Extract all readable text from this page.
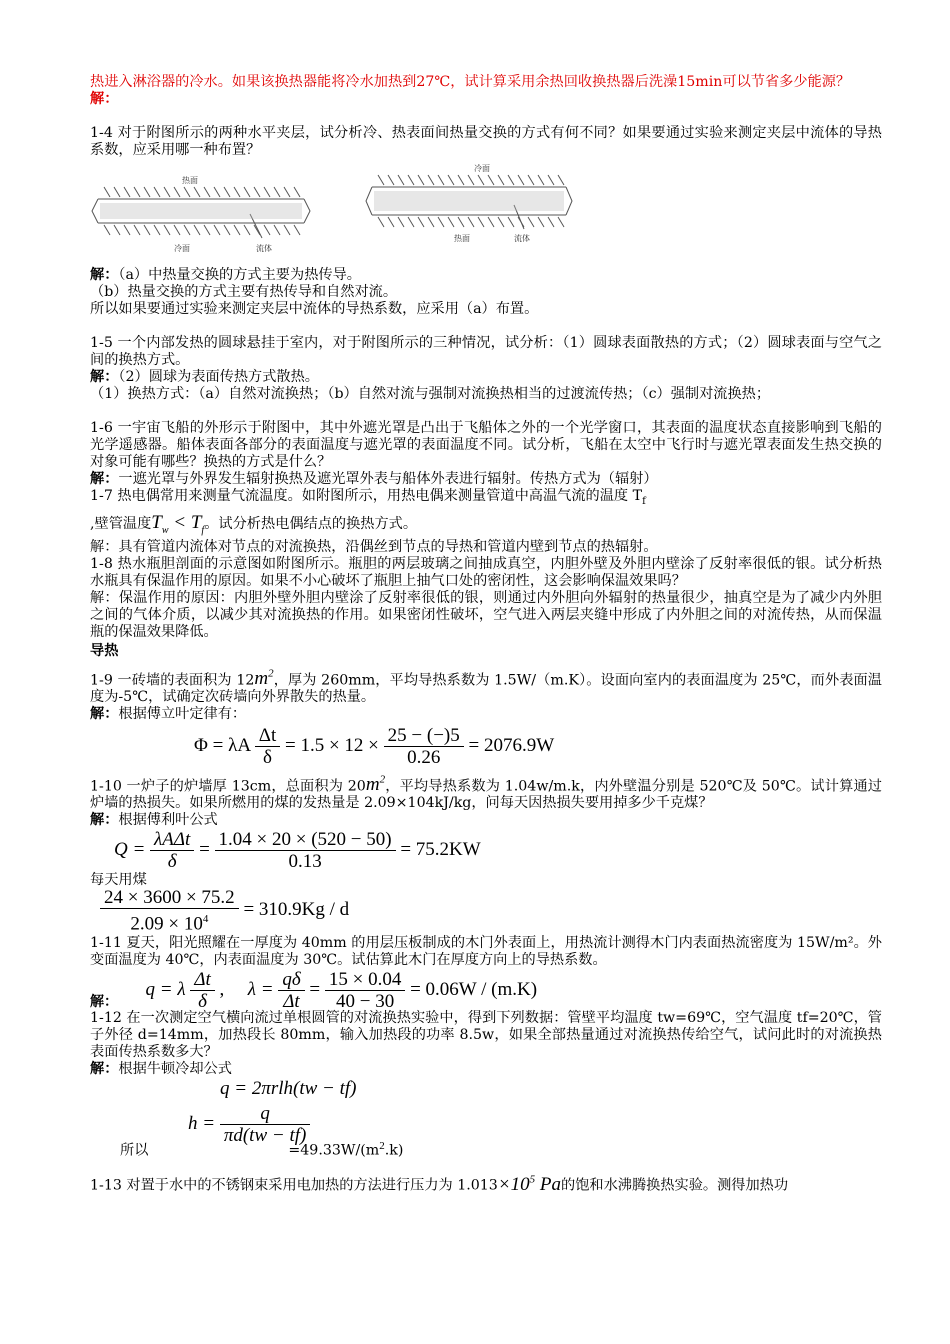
热进入淋浴器的冷水。如果该换热器能将冷水加热到27℃，试计算采用余热回收换热器后洗澡15min可以节省多少能源？

解：

1-4 对于附图所示的两种水平夹层，试分析冷、热表面间热量交换的方式有何不同？如果要通过实验来测定夹层中流体的导热系数，应采用哪一种布置？

热面
冷面	流体
冷面
热面	流体

解：（a）中热量交换的方式主要为热传导。

（b）热量交换的方式主要有热传导和自然对流。

所以如果要通过实验来测定夹层中流体的导热系数，应采用（a）布置。

1-5 一个内部发热的圆球悬挂于室内，对于附图所示的三种情况，试分析：（1）圆球表面散热的方式；（2）圆球表面与空气之间的换热方式。

解：（2）圆球为表面传热方式散热。

（1）换热方式：（a）自然对流换热；（b）自然对流与强制对流换热相当的过渡流传热；（c）强制对流换热；

1-6 一宇宙飞船的外形示于附图中，其中外遮光罩是凸出于飞船体之外的一个光学窗口，其表面的温度状态直接影响到飞船的光学遥感器。船体表面各部分的表面温度与遮光罩的表面温度不同。试分析，飞船在太空中飞行时与遮光罩表面发生热交换的对象可能有哪些？换热的方式是什么？

解：一遮光罩与外界发生辐射换热及遮光罩外表与船体外表进行辐射。传热方式为（辐射）

1-7 热电偶常用来测量气流温度。如附图所示，用热电偶来测量管道中高温气流的温度 $T_f$

,壁管温度$T_w < T_f$。试分析热电偶结点的换热方式。

解：具有管道内流体对节点的对流换热，沿偶丝到节点的导热和管道内壁到节点的热辐射。

1-8 热水瓶胆剖面的示意图如附图所示。瓶胆的两层玻璃之间抽成真空，内胆外壁及外胆内壁涂了反射率很低的银。试分析热水瓶具有保温作用的原因。如果不小心破坏了瓶胆上抽气口处的密闭性，这会影响保温效果吗？

解：保温作用的原因：内胆外壁外胆内壁涂了反射率很低的银，则通过内外胆向外辐射的热量很少，抽真空是为了减少内外胆之间的气体介质，以减少其对流换热的作用。如果密闭性破坏，空气进入两层夹缝中形成了内外胆之间的对流传热，从而保温瓶的保温效果降低。

导热

1-9 一砖墙的表面积为 $12m^2$，厚为 260mm，平均导热系数为 1.5W/（m.K）。设面向室内的表面温度为 25℃，而外表面温度为-5℃，试确定次砖墙向外界散失的热量。

解：根据傅立叶定律有：

Φ = λA $\frac{\Delta t}{\delta} = 1.5 \times 12 \times \frac{25 - (-)5}{0.26} = 2076.9W$

1-10 一炉子的炉墙厚 13cm，总面积为 $20m^2$，平均导热系数为 1.04w/m.k，内外壁温分别是 520℃及 50℃。试计算通过炉墙的热损失。如果所燃用的煤的发热量是 2.09×104kJ/kg，问每天因热损失要用掉多少千克煤？

解：根据傅利叶公式

$Q = \frac{\text{λAΔt}}{\delta} = \frac{1.04 \times 20 \times (520 - 50)}{0.13} = 75.2KW$

每天用煤

$\frac{24 \times 3600 \times 75.2}{2.09 \times 10^4} = 310.9Kg / d$

1-11 夏天，阳光照耀在一厚度为 40mm 的用层压板制成的木门外表面上，用热流计测得木门内表面热流密度为 15W/m²。外变面温度为 40℃，内表面温度为 30℃。试估算此木门在厚度方向上的导热系数。

$_{解:}$  q = λ $\frac{\Delta t}{\delta}$ , $\lambda = \frac{q\delta}{\Delta t} = \frac{15 \times 0.04}{40 - 30} = 0.06W / (m.K)$

1-12 在一次测定空气横向流过单根圆管的对流换热实验中，得到下列数据：管壁平均温度 tw=69℃，空气温度 tf=20℃，管子外径 d=14mm，加热段长 80mm，输入加热段的功率 8.5w，如果全部热量通过对流换热传给空气，试问此时的对流换热表面传热系数多大？

解：根据牛顿冷却公式

q = 2πrlh(tw − tf)
$h = \frac{q}{\pi d(tw - tf)}$

所以	$=49.33W/(m^2.k)$

1-13 对置于水中的不锈钢束采用电加热的方法进行压力为 $1.013\times 10^5$ Pa的饱和水沸腾换热实验。测得加热功
